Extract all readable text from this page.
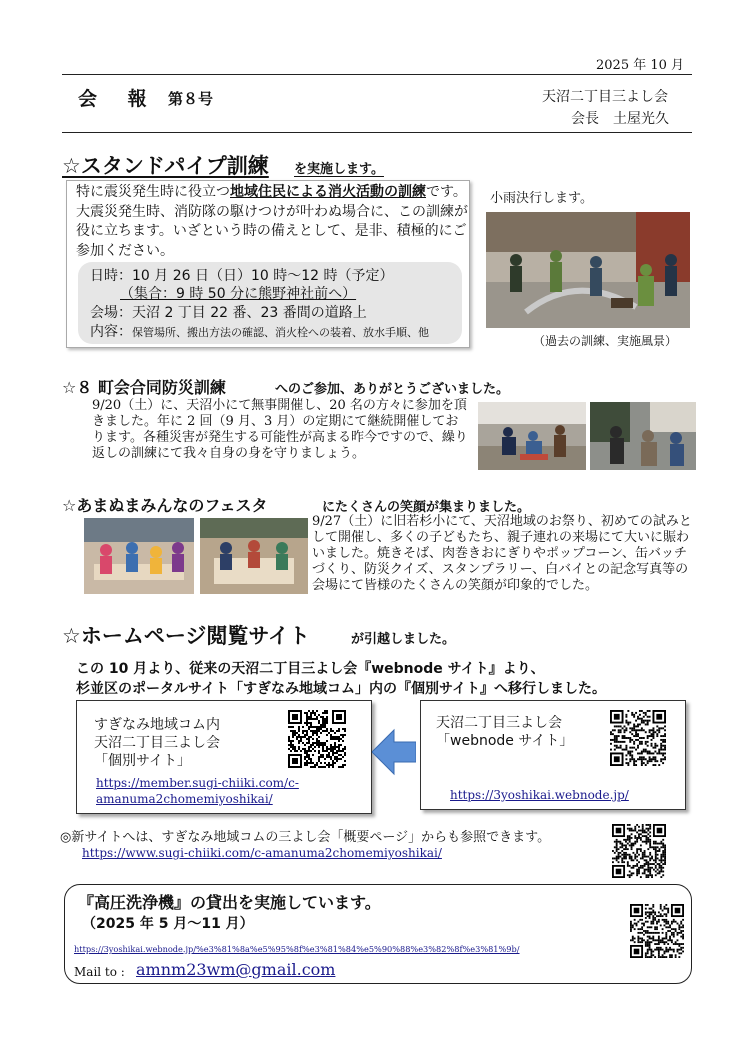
2025 年 10 月
会 報 第８号	天沼二丁目三よし会
会長　土屋光久
☆スタンドパイプ訓練 を実施します。
特に震災発生時に役立つ地域住民による消火活動の訓練です。大震災発生時、消防隊の駆けつけが叶わぬ場合に、この訓練が役に立ちます。いざという時の備えとして、是非、積極的にご参加ください。
日時：10 月 26 日（日）10 時〜12 時（予定）
（集合：9 時 50 分に熊野神社前へ）
会場：天沼 2 丁目 22 番、23 番間の道路上
内容：保管場所、搬出方法の確認、消火栓への装着、放水手順、他
小雨決行します。
（過去の訓練、実施風景）
☆８ 町会合同防災訓練	へのご参加、ありがとうございました。
9/20（土）に、天沼小にて無事開催し、20 名の方々に参加を頂きました。年に 2 回（9 月、3 月）の定期にて継続開催しております。各種災害が発生する可能性が高まる昨今ですので、繰り返しの訓練にて我々自身の身を守りましょう。
☆あまぬまみんなのフェスタ	にたくさんの笑顔が集まりました。
9/27（土）に旧若杉小にて、天沼地域のお祭り、初めての試みとして開催し、多くの子どもたち、親子連れの来場にて大いに賑わいました。焼きそば、肉巻きおにぎりやポップコーン、缶バッチづくり、防災クイズ、スタンプラリー、白バイとの記念写真等の会場にて皆様のたくさんの笑顔が印象的でした。
☆ホームページ閲覧サイト	が引越しました。
この 10 月より、従来の天沼二丁目三よし会『webnode サイト』より、
杉並区のポータルサイト「すぎなみ地域コム」内の『個別サイト』へ移行しました。
すぎなみ地域コム内
天沼二丁目三よし会
「個別サイト」
https://member.sugi-chiiki.com/c-
amanuma2chomemiyoshikai/
天沼二丁目三よし会
「webnode サイト」
https://3yoshikai.webnode.jp/
◎新サイトへは、すぎなみ地域コムの三よし会「概要ページ」からも参照できます。
https://www.sugi-chiiki.com/c-amanuma2chomemiyoshikai/
『高圧洗浄機』の貸出を実施しています。
（2025 年 5 月〜11 月）
https://3yoshikai.webnode.jp/%e3%81%8a%e5%95%8f%e3%81%84%e5%90%88%e3%82%8f%e3%81%9b/
Mail to : amnm23wm@gmail.com
